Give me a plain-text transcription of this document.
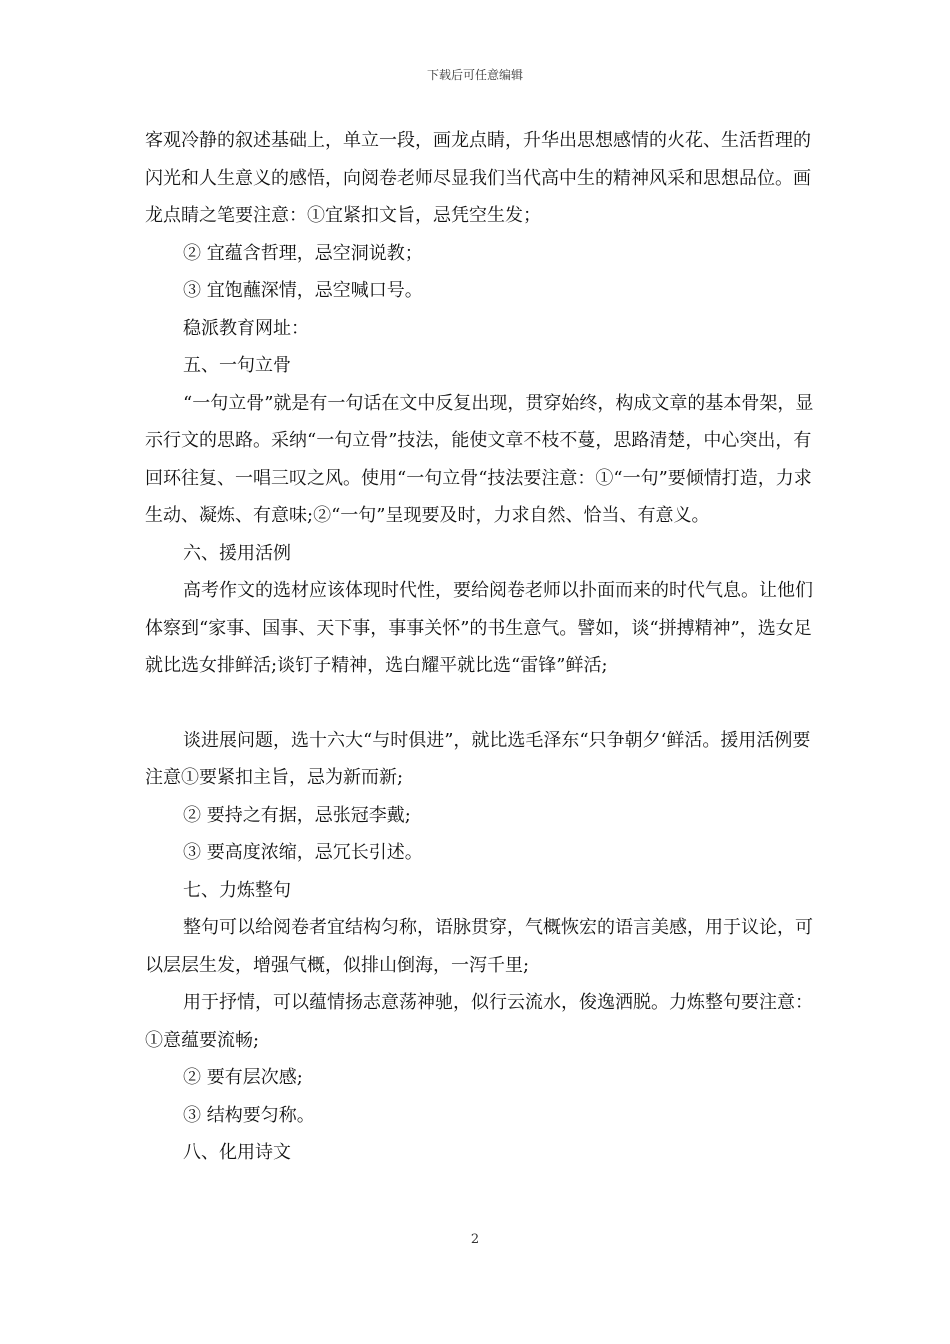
下载后可任意编辑

客观冷静的叙述基础上，单立一段，画龙点睛，升华出思想感情的火花、生活哲理的闪光和人生意义的感悟，向阅卷老师尽显我们当代高中生的精神风采和思想品位。画龙点睛之笔要注意：①宜紧扣文旨，忌凭空生发；

② 宜蕴含哲理，忌空洞说教；

③ 宜饱蘸深情，忌空喊口号。

稳派教育网址：

五、一句立骨

“一句立骨”就是有一句话在文中反复出现，贯穿始终，构成文章的基本骨架，显示行文的思路。采纳“一句立骨”技法，能使文章不枝不蔓，思路清楚，中心突出，有回环往复、一唱三叹之风。使用“一句立骨“技法要注意：①“一句”要倾情打造，力求生动、凝炼、有意味;②“一句”呈现要及时，力求自然、恰当、有意义。

六、援用活例

高考作文的选材应该体现时代性，要给阅卷老师以扑面而来的时代气息。让他们体察到“家事、国事、天下事，事事关怀”的书生意气。譬如，谈“拼搏精神”，选女足就比选女排鲜活;谈钉子精神，选白耀平就比选“雷锋”鲜活;

谈进展问题，选十六大“与时俱进”，就比选毛泽东“只争朝夕‘鲜活。援用活例要注意①要紧扣主旨，忌为新而新;

② 要持之有据，忌张冠李戴;

③ 要高度浓缩，忌冗长引述。

七、力炼整句

整句可以给阅卷者宜结构匀称，语脉贯穿，气概恢宏的语言美感，用于议论，可以层层生发，增强气概，似排山倒海，一泻千里;

用于抒情，可以蕴情扬志意荡神驰，似行云流水，俊逸洒脱。力炼整句要注意：①意蕴要流畅;

② 要有层次感;

③ 结构要匀称。

八、化用诗文

2
